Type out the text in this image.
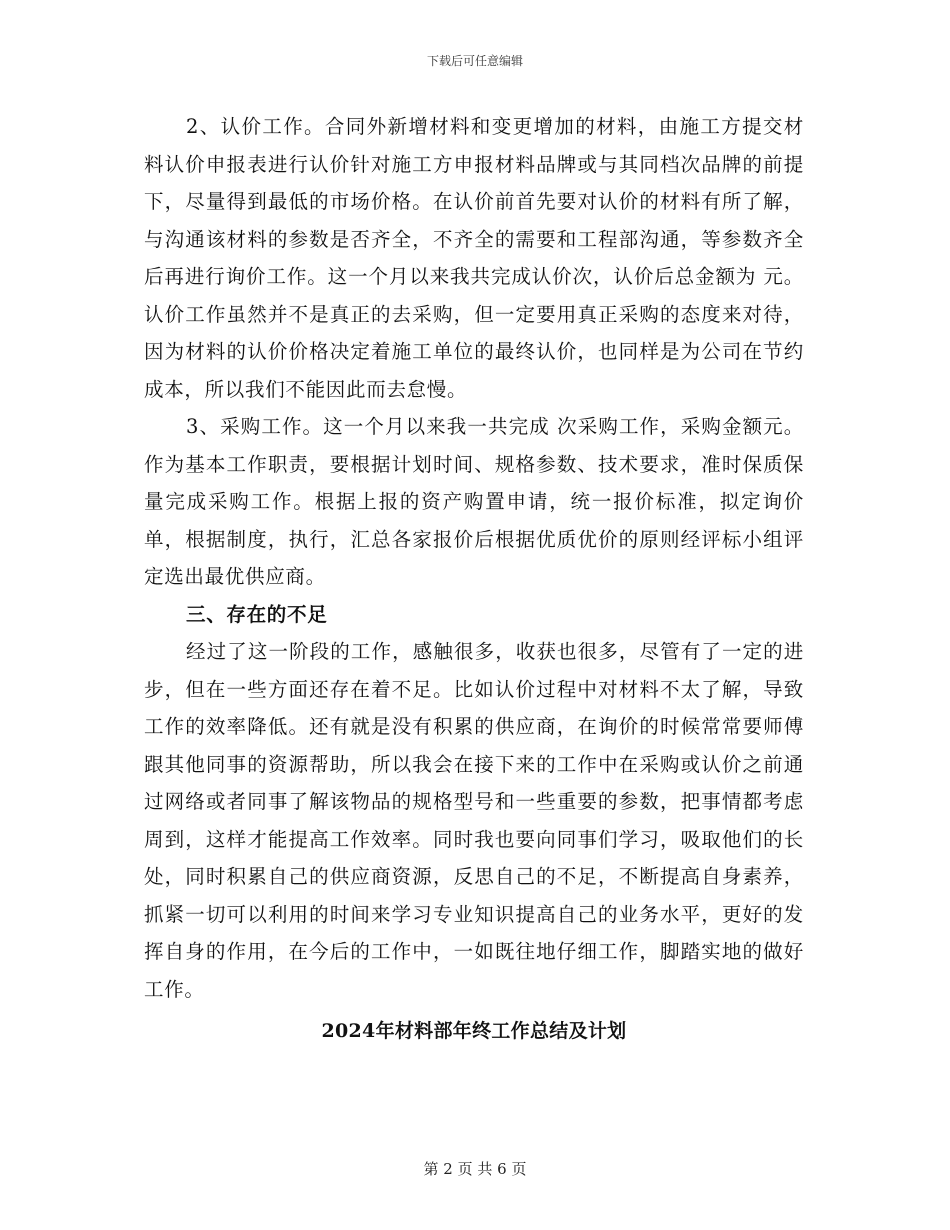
下载后可任意编辑

2、认价工作。合同外新增材料和变更增加的材料，由施工方提交材料认价申报表进行认价针对施工方申报材料品牌或与其同档次品牌的前提下，尽量得到最低的市场价格。在认价前首先要对认价的材料有所了解，与沟通该材料的参数是否齐全，不齐全的需要和工程部沟通，等参数齐全后再进行询价工作。这一个月以来我共完成认价次，认价后总金额为 元。认价工作虽然并不是真正的去采购，但一定要用真正采购的态度来对待，因为材料的认价价格决定着施工单位的最终认价，也同样是为公司在节约成本，所以我们不能因此而去怠慢。

3、采购工作。这一个月以来我一共完成 次采购工作，采购金额元。作为基本工作职责，要根据计划时间、规格参数、技术要求，准时保质保量完成采购工作。根据上报的资产购置申请，统一报价标准，拟定询价单，根据制度，执行，汇总各家报价后根据优质优价的原则经评标小组评定选出最优供应商。

三、存在的不足

经过了这一阶段的工作，感触很多，收获也很多，尽管有了一定的进步，但在一些方面还存在着不足。比如认价过程中对材料不太了解，导致工作的效率降低。还有就是没有积累的供应商，在询价的时候常常要师傅跟其他同事的资源帮助，所以我会在接下来的工作中在采购或认价之前通过网络或者同事了解该物品的规格型号和一些重要的参数，把事情都考虑周到，这样才能提高工作效率。同时我也要向同事们学习，吸取他们的长处，同时积累自己的供应商资源，反思自己的不足，不断提高自身素养，抓紧一切可以利用的时间来学习专业知识提高自己的业务水平，更好的发挥自身的作用，在今后的工作中，一如既往地仔细工作，脚踏实地的做好工作。

2024年材料部年终工作总结及计划

第 2 页 共 6 页
